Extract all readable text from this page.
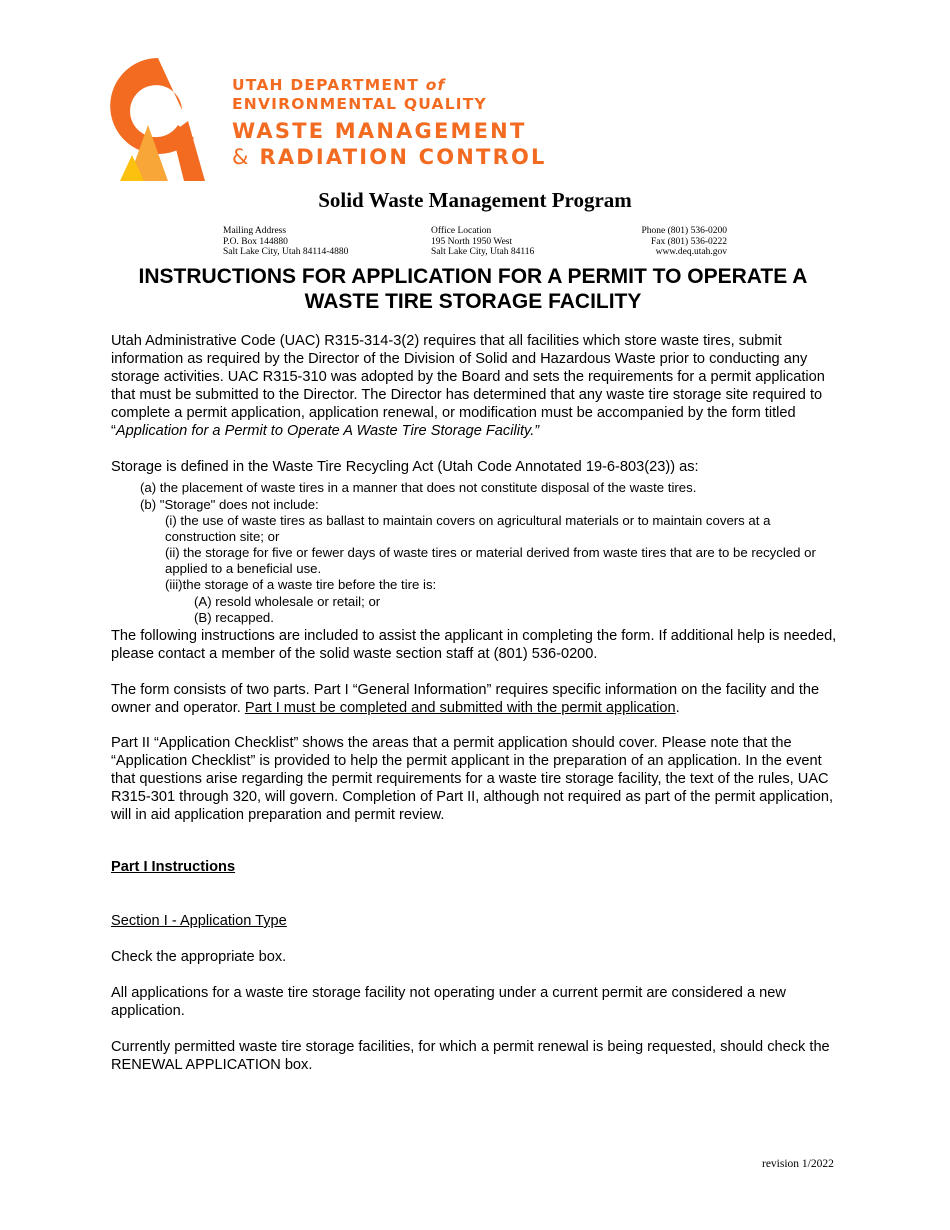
UTAH DEPARTMENT of
ENVIRONMENTAL QUALITY
WASTE MANAGEMENT
& RADIATION CONTROL
Solid Waste Management Program
Mailing Address
P.O. Box 144880
Salt Lake City, Utah 84114-4880
Office Location
195 North 1950 West
Salt Lake City, Utah 84116
Phone (801) 536-0200
Fax (801) 536-0222
www.deq.utah.gov
INSTRUCTIONS FOR APPLICATION FOR A PERMIT TO OPERATE A
WASTE TIRE STORAGE FACILITY
Utah Administrative Code (UAC) R315-314-3(2) requires that all facilities which store waste tires, submit information as required by the Director of the Division of Solid and Hazardous Waste prior to conducting any storage activities. UAC R315-310 was adopted by the Board and sets the requirements for a permit application that must be submitted to the Director. The Director has determined that any waste tire storage site required to complete a permit application, application renewal, or modification must be accompanied by the form titled “Application for a Permit to Operate A Waste Tire Storage Facility.”
Storage is defined in the Waste Tire Recycling Act (Utah Code Annotated 19-6-803(23)) as:
(a) the placement of waste tires in a manner that does not constitute disposal of the waste tires.
(b) "Storage" does not include:
(i) the use of waste tires as ballast to maintain covers on agricultural materials or to maintain covers at a construction site; or
(ii) the storage for five or fewer days of waste tires or material derived from waste tires that are to be recycled or applied to a beneficial use.
(iii)the storage of a waste tire before the tire is:
(A) resold wholesale or retail; or
(B) recapped.
The following instructions are included to assist the applicant in completing the form. If additional help is needed, please contact a member of the solid waste section staff at (801) 536-0200.
The form consists of two parts. Part I “General Information” requires specific information on the facility and the owner and operator. Part I must be completed and submitted with the permit application.
Part II “Application Checklist” shows the areas that a permit application should cover. Please note that the “Application Checklist” is provided to help the permit applicant in the preparation of an application. In the event that questions arise regarding the permit requirements for a waste tire storage facility, the text of the rules, UAC R315-301 through 320, will govern. Completion of Part II, although not required as part of the permit application, will in aid application preparation and permit review.
Part I Instructions
Section I - Application Type
Check the appropriate box.
All applications for a waste tire storage facility not operating under a current permit are considered a new application.
Currently permitted waste tire storage facilities, for which a permit renewal is being requested, should check the RENEWAL APPLICATION box.
revision 1/2022
